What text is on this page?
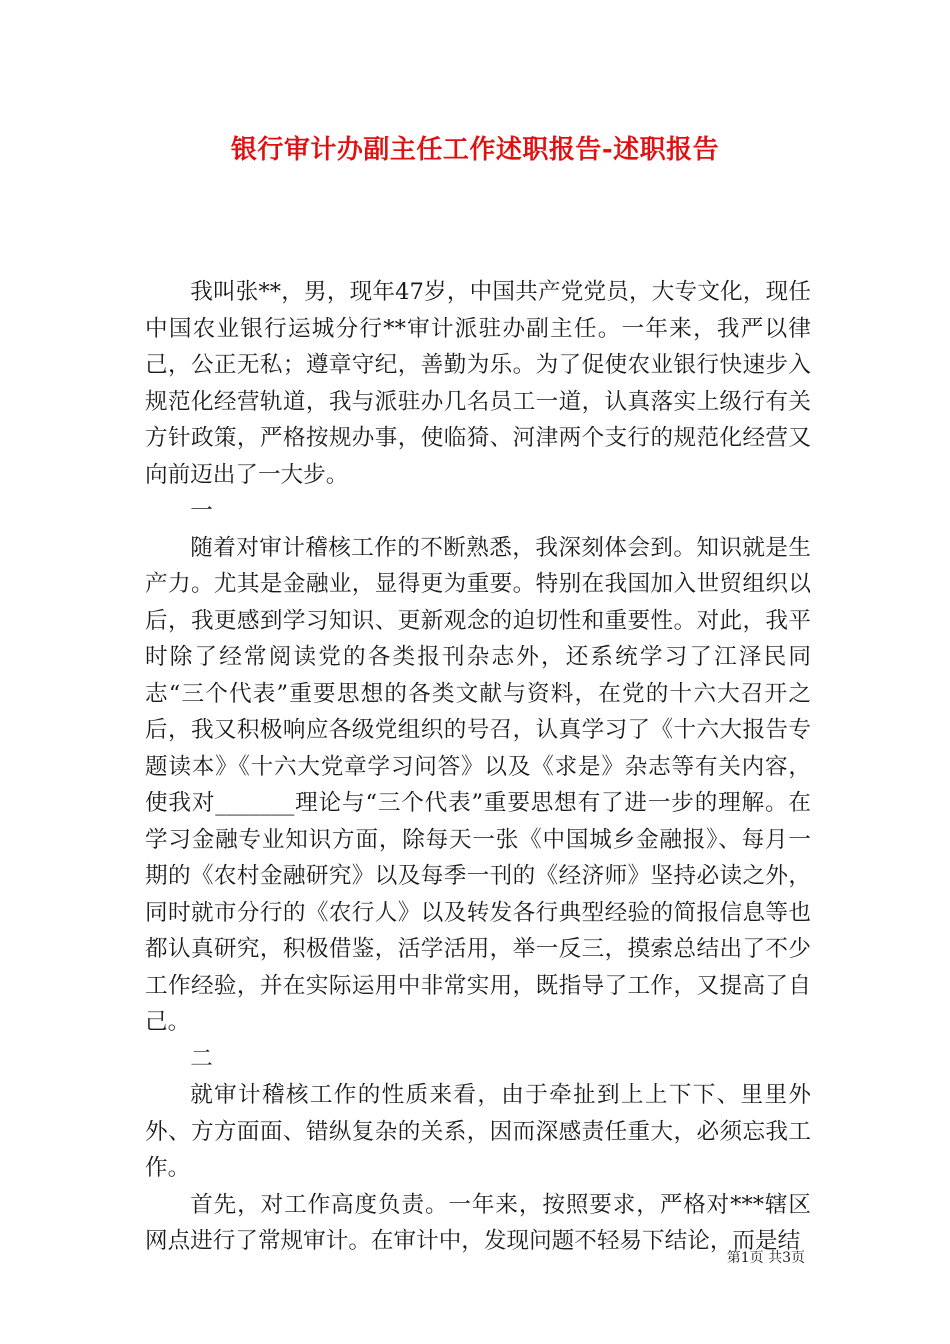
银行审计办副主任工作述职报告-述职报告

我叫张**，男，现年47岁，中国共产党党员，大专文化，现任中国农业银行运城分行**审计派驻办副主任。一年来，我严以律己，公正无私；遵章守纪，善勤为乐。为了促使农业银行快速步入规范化经营轨道，我与派驻办几名员工一道，认真落实上级行有关方针政策，严格按规办事，使临猗、河津两个支行的规范化经营又向前迈出了一大步。

一

随着对审计稽核工作的不断熟悉，我深刻体会到。知识就是生产力。尤其是金融业，显得更为重要。特别在我国加入世贸组织以后，我更感到学习知识、更新观念的迫切性和重要性。对此，我平时除了经常阅读党的各类报刊杂志外，还系统学习了江泽民同志“三个代表”重要思想的各类文献与资料，在党的十六大召开之后，我又积极响应各级党组织的号召，认真学习了《十六大报告专题读本》《十六大党章学习问答》以及《求是》杂志等有关内容，使我对_______理论与“三个代表”重要思想有了进一步的理解。在学习金融专业知识方面，除每天一张《中国城乡金融报》、每月一期的《农村金融研究》以及每季一刊的《经济师》坚持必读之外，同时就市分行的《农行人》以及转发各行典型经验的简报信息等也都认真研究，积极借鉴，活学活用，举一反三，摸索总结出了不少工作经验，并在实际运用中非常实用，既指导了工作，又提高了自己。

二

就审计稽核工作的性质来看，由于牵扯到上上下下、里里外外、方方面面、错纵复杂的关系，因而深感责任重大，必须忘我工作。

首先，对工作高度负责。一年来，按照要求，严格对***辖区网点进行了常规审计。在审计中，发现问题不轻易下结论，而是结

第1页 共3页
